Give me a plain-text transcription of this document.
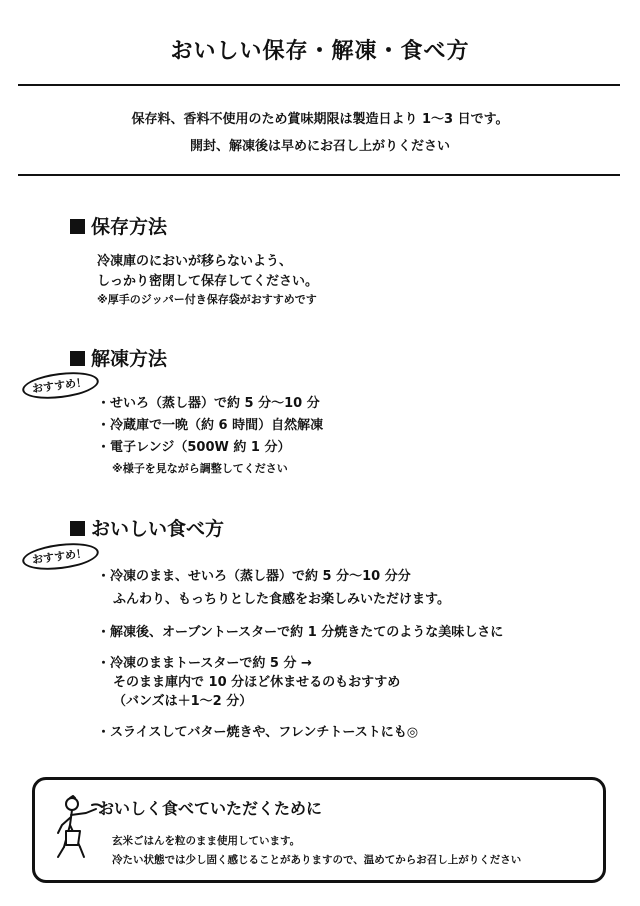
おいしい保存・解凍・食べ方
保存料、香料不使用のため賞味期限は製造日より 1〜3 日です。
開封、解凍後は早めにお召し上がりください
保存方法
冷凍庫のにおいが移らないよう、
しっかり密閉して保存してください。
※厚手のジッパー付き保存袋がおすすめです
解凍方法
おすすめ！
・せいろ（蒸し器）で約 5 分〜10 分
・冷蔵庫で一晩（約 6 時間）自然解凍
・電子レンジ（500W 約 1 分）
※様子を見ながら調整してください
おいしい食べ方
おすすめ！
・冷凍のまま、せいろ（蒸し器）で約 5 分〜10 分分
ふんわり、もっちりとした食感をお楽しみいただけます。
・解凍後、オーブントースターで約 1 分焼きたてのような美味しさに
・冷凍のままトースターで約 5 分 →
そのまま庫内で 10 分ほど休ませるのもおすすめ
（バンズは＋1〜2 分）
・スライスしてバター焼きや、フレンチトーストにも◎
おいしく食べていただくために
玄米ごはんを粒のまま使用しています。
冷たい状態では少し固く感じることがありますので、温めてからお召し上がりください
